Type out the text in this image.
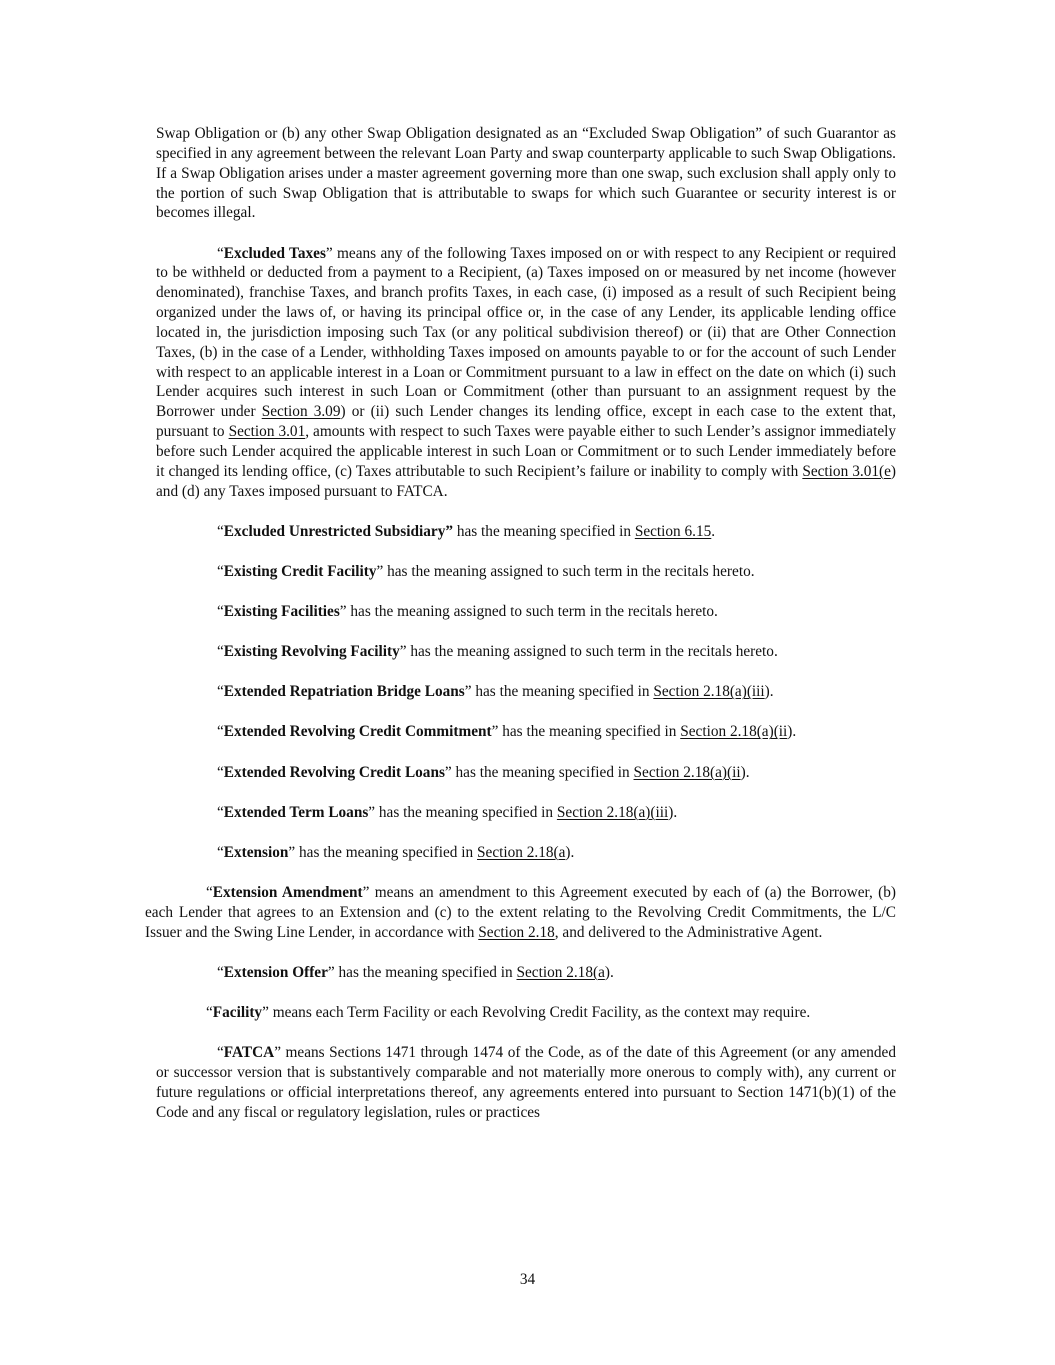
Swap Obligation or (b) any other Swap Obligation designated as an “Excluded Swap Obligation” of such Guarantor as specified in any agreement between the relevant Loan Party and swap counterparty applicable to such Swap Obligations. If a Swap Obligation arises under a master agreement governing more than one swap, such exclusion shall apply only to the portion of such Swap Obligation that is attributable to swaps for which such Guarantee or security interest is or becomes illegal.

“Excluded Taxes” means any of the following Taxes imposed on or with respect to any Recipient or required to be withheld or deducted from a payment to a Recipient, (a) Taxes imposed on or measured by net income (however denominated), franchise Taxes, and branch profits Taxes, in each case, (i) imposed as a result of such Recipient being organized under the laws of, or having its principal office or, in the case of any Lender, its applicable lending office located in, the jurisdiction imposing such Tax (or any political subdivision thereof) or (ii) that are Other Connection Taxes, (b) in the case of a Lender, withholding Taxes imposed on amounts payable to or for the account of such Lender with respect to an applicable interest in a Loan or Commitment pursuant to a law in effect on the date on which (i) such Lender acquires such interest in such Loan or Commitment (other than pursuant to an assignment request by the Borrower under Section 3.09) or (ii) such Lender changes its lending office, except in each case to the extent that, pursuant to Section 3.01, amounts with respect to such Taxes were payable either to such Lender’s assignor immediately before such Lender acquired the applicable interest in such Loan or Commitment or to such Lender immediately before it changed its lending office, (c) Taxes attributable to such Recipient’s failure or inability to comply with Section 3.01(e) and (d) any Taxes imposed pursuant to FATCA.

“Excluded Unrestricted Subsidiary” has the meaning specified in Section 6.15.

“Existing Credit Facility” has the meaning assigned to such term in the recitals hereto.

“Existing Facilities” has the meaning assigned to such term in the recitals hereto.

“Existing Revolving Facility” has the meaning assigned to such term in the recitals hereto.

“Extended Repatriation Bridge Loans” has the meaning specified in Section 2.18(a)(iii).

“Extended Revolving Credit Commitment” has the meaning specified in Section 2.18(a)(ii).

“Extended Revolving Credit Loans” has the meaning specified in Section 2.18(a)(ii).

“Extended Term Loans” has the meaning specified in Section 2.18(a)(iii).

“Extension” has the meaning specified in Section 2.18(a).

“Extension Amendment” means an amendment to this Agreement executed by each of (a) the Borrower, (b) each Lender that agrees to an Extension and (c) to the extent relating to the Revolving Credit Commitments, the L/C Issuer and the Swing Line Lender, in accordance with Section 2.18, and delivered to the Administrative Agent.

“Extension Offer” has the meaning specified in Section 2.18(a).

“Facility” means each Term Facility or each Revolving Credit Facility, as the context may require.

“FATCA” means Sections 1471 through 1474 of the Code, as of the date of this Agreement (or any amended or successor version that is substantively comparable and not materially more onerous to comply with), any current or future regulations or official interpretations thereof, any agreements entered into pursuant to Section 1471(b)(1) of the Code and any fiscal or regulatory legislation, rules or practices

34
